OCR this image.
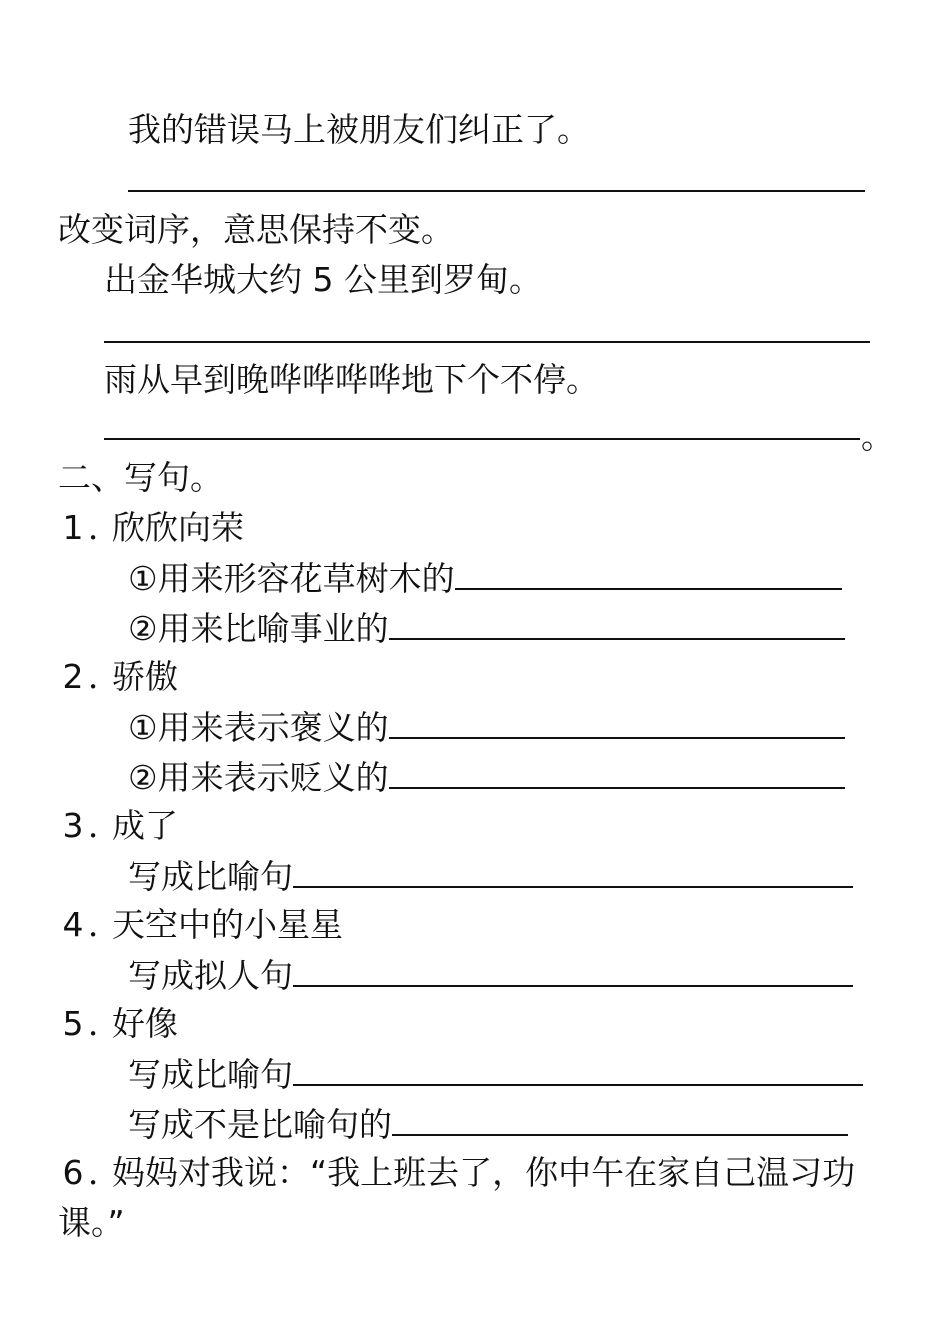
我的错误马上被朋友们纠正了。
改变词序，意思保持不变。
出金华城大约 5 公里到罗甸。
雨从早到晚哗哗哗哗地下个不停。
。
二、写句。
1 ．欣欣向荣
①用来形容花草树木的
②用来比喻事业的
2 ．骄傲
①用来表示褒义的
②用来表示贬义的
3 ．成了
写成比喻句
4 ．天空中的小星星
写成拟人句
5 ．好像
写成比喻句
写成不是比喻句的
6 ．妈妈对我说：“我上班去了，你中午在家自己温习功
课。”
